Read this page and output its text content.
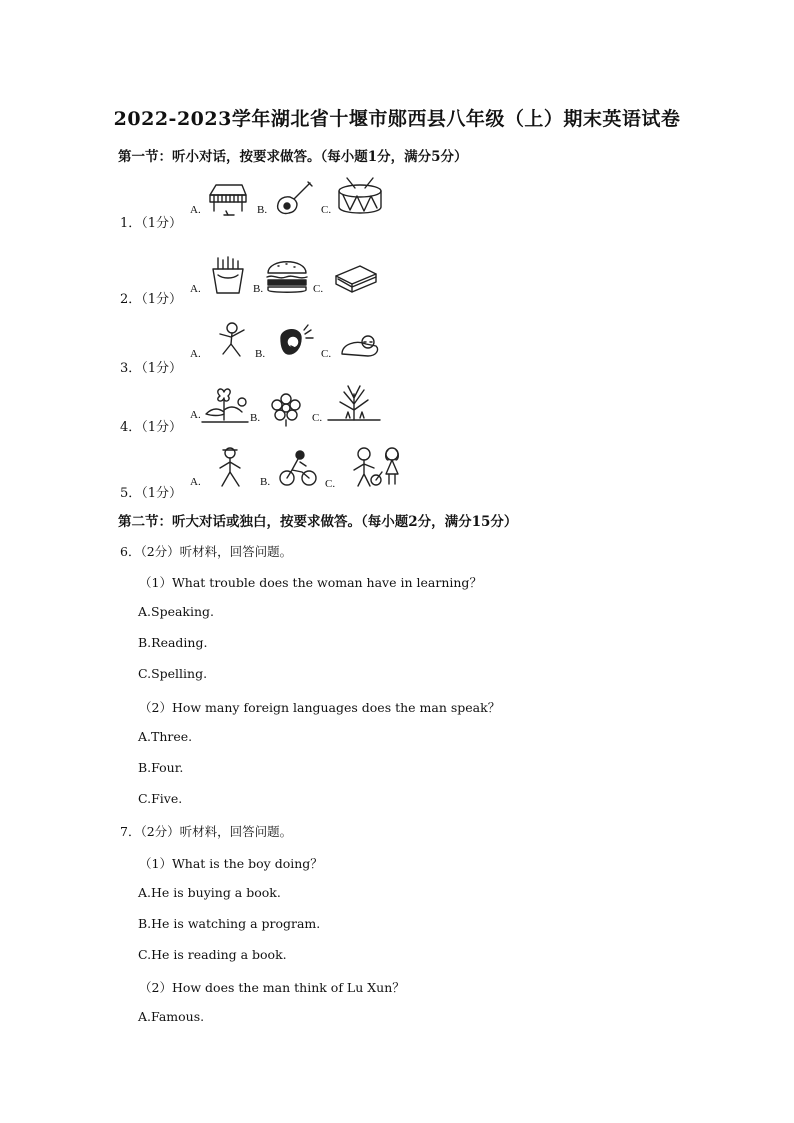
2022-2023学年湖北省十堰市郧西县八年级（上）期末英语试卷
第一节：听小对话，按要求做答。（每小题1分，满分5分）
1．（1分）
A.	B.	C.
2．（1分）
A.	B.	C.
3．（1分）
A.	B.	C.
4．（1分）
A.	B.	C.
5．（1分）
A.	B.	C.
第二节：听大对话或独白，按要求做答。（每小题2分，满分15分）
6．（2分）听材料，回答问题。
（1）What trouble does the woman have in learning？
A.Speaking.
B.Reading.
C.Spelling.
（2）How many foreign languages does the man speak？
A.Three.
B.Four.
C.Five.
7．（2分）听材料，回答问题。
（1）What is the boy doing？
A.He is buying a book.
B.He is watching a program.
C.He is reading a book.
（2）How does the man think of Lu Xun？
A.Famous.
